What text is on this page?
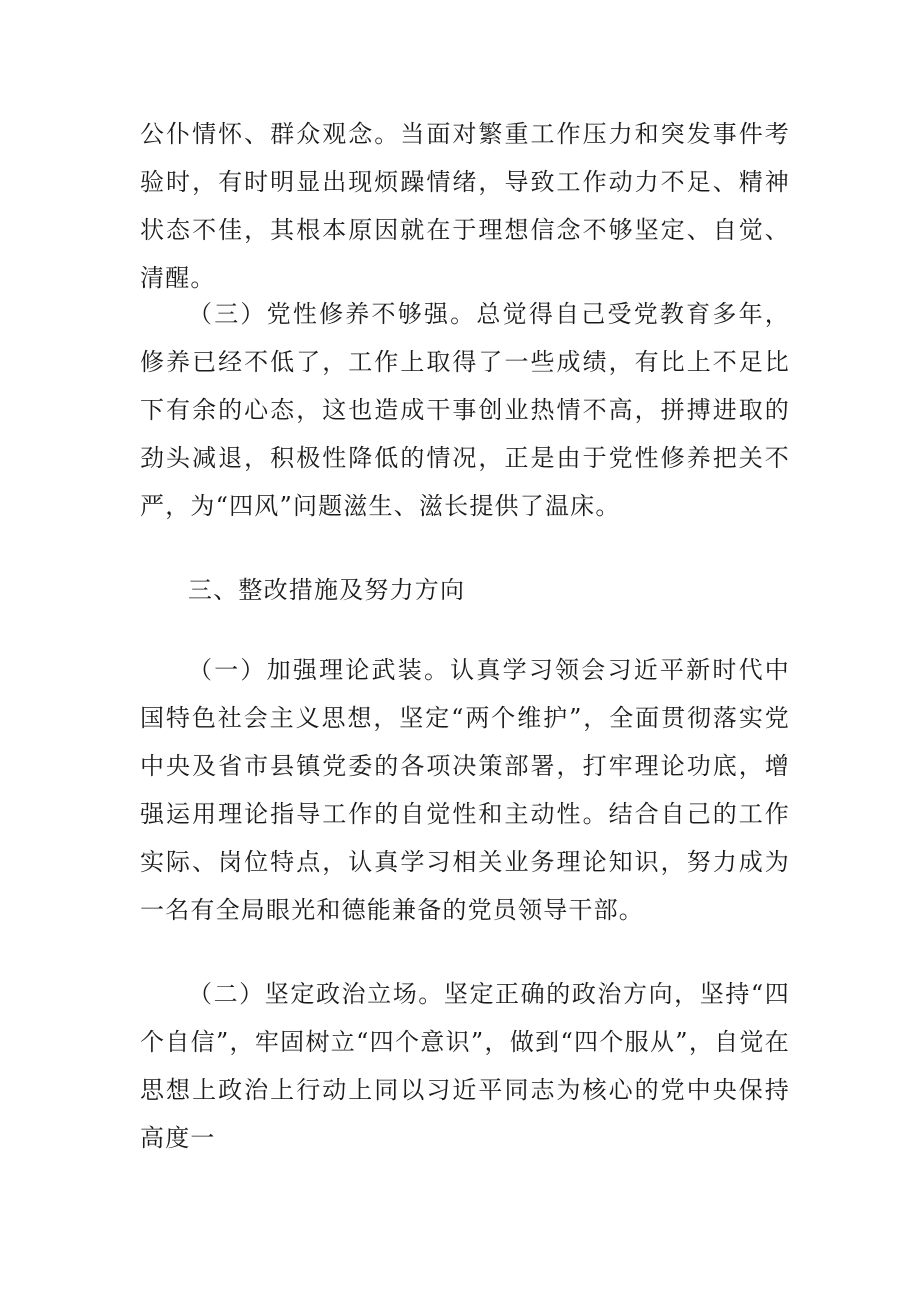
公仆情怀、群众观念。当面对繁重工作压力和突发事件考验时，有时明显出现烦躁情绪，导致工作动力不足、精神状态不佳，其根本原因就在于理想信念不够坚定、自觉、清醒。

（三）党性修养不够强。总觉得自己受党教育多年，修养已经不低了，工作上取得了一些成绩，有比上不足比下有余的心态，这也造成干事创业热情不高，拼搏进取的劲头减退，积极性降低的情况，正是由于党性修养把关不严，为“四风”问题滋生、滋长提供了温床。

三、整改措施及努力方向

（一）加强理论武装。认真学习领会习近平新时代中国特色社会主义思想，坚定“两个维护”，全面贯彻落实党中央及省市县镇党委的各项决策部署，打牢理论功底，增强运用理论指导工作的自觉性和主动性。结合自己的工作实际、岗位特点，认真学习相关业务理论知识，努力成为一名有全局眼光和德能兼备的党员领导干部。

（二）坚定政治立场。坚定正确的政治方向，坚持“四个自信”，牢固树立“四个意识”，做到“四个服从”，自觉在思想上政治上行动上同以习近平同志为核心的党中央保持高度一
